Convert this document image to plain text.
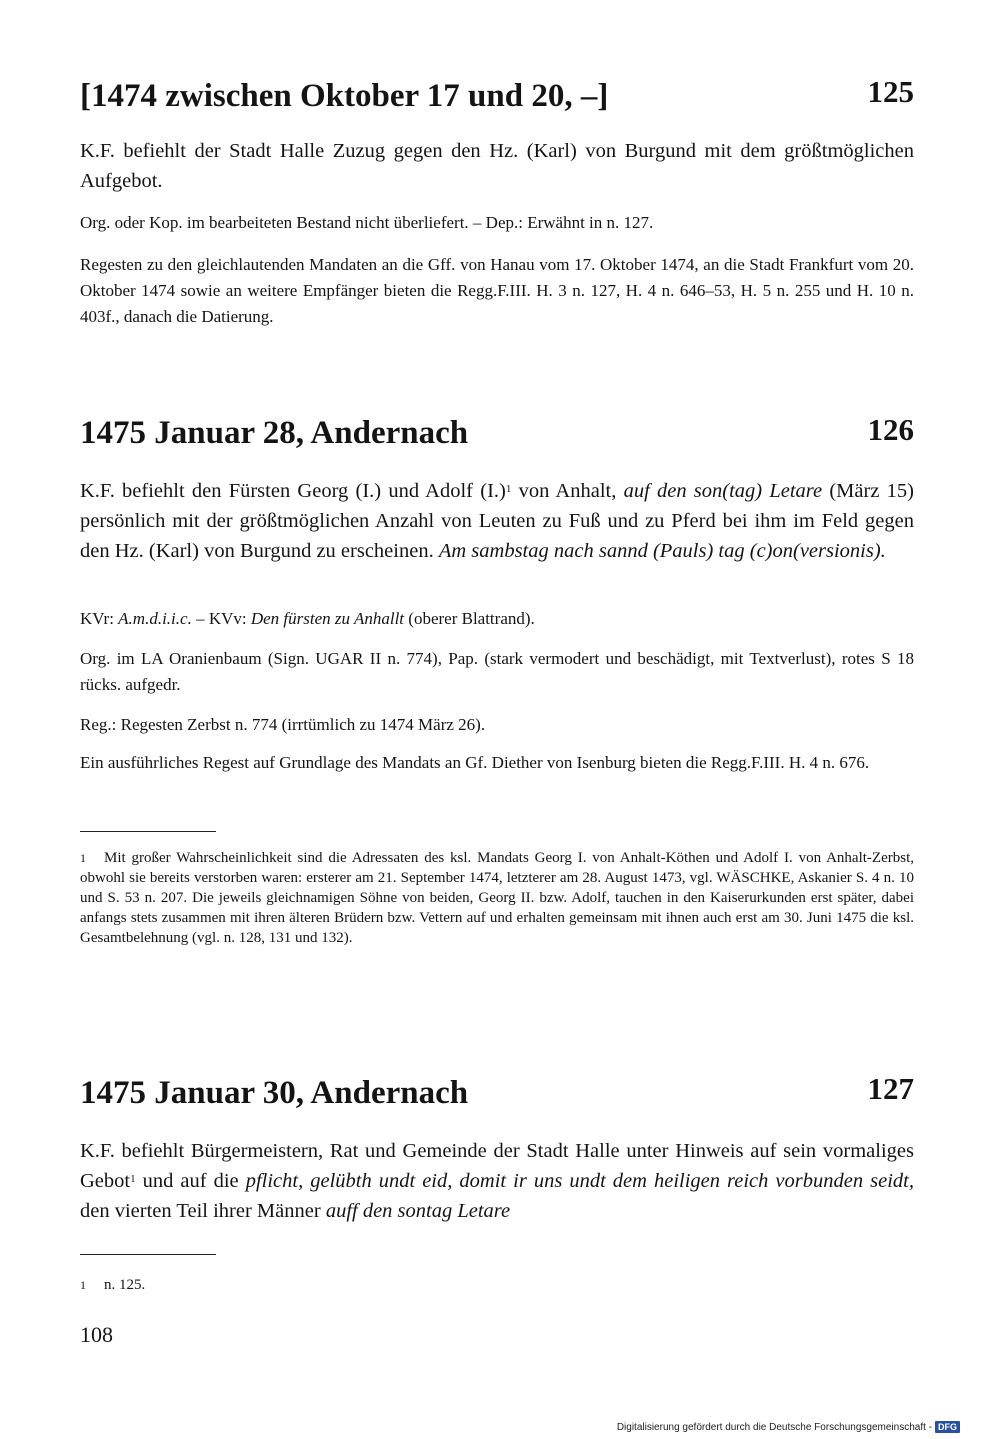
[1474 zwischen Oktober 17 und 20, –]	125

K.F. befiehlt der Stadt Halle Zuzug gegen den Hz. (Karl) von Burgund mit dem größtmöglichen Aufgebot.

Org. oder Kop. im bearbeiteten Bestand nicht überliefert. – Dep.: Erwähnt in n. 127.

Regesten zu den gleichlautenden Mandaten an die Gff. von Hanau vom 17. Oktober 1474, an die Stadt Frankfurt vom 20. Oktober 1474 sowie an weitere Empfänger bieten die Regg.F.III. H. 3 n. 127, H. 4 n. 646–53, H. 5 n. 255 und H. 10 n. 403f., danach die Datierung.

1475 Januar 28, Andernach	126

K.F. befiehlt den Fürsten Georg (I.) und Adolf $(I.)^1$ von Anhalt, auf den son(tag) Letare (März 15) persönlich mit der größtmöglichen Anzahl von Leuten zu Fuß und zu Pferd bei ihm im Feld gegen den Hz. (Karl) von Burgund zu erscheinen. Am sambstag nach sannd (Pauls) tag (c)on(versionis).

KVr: A.m.d.i.i.c. – KVv: Den fürsten zu Anhallt (oberer Blattrand).

Org. im LA Oranienbaum (Sign. UGAR II n. 774), Pap. (stark vermodert und beschädigt, mit Textverlust), rotes S 18 rücks. aufgedr.

Reg.: Regesten Zerbst n. 774 (irrtümlich zu 1474 März 26).

Ein ausführliches Regest auf Grundlage des Mandats an Gf. Diether von Isenburg bieten die Regg.F.III. H. 4 n. 676.

1 Mit großer Wahrscheinlichkeit sind die Adressaten des ksl. Mandats Georg I. von Anhalt-Köthen und Adolf I. von Anhalt-Zerbst, obwohl sie bereits verstorben waren: ersterer am 21. September 1474, letzterer am 28. August 1473, vgl. WÄSCHKE, Askanier S. 4 n. 10 und S. 53 n. 207. Die jeweils gleichnamigen Söhne von beiden, Georg II. bzw. Adolf, tauchen in den Kaiserurkunden erst später, dabei anfangs stets zusammen mit ihren älteren Brüdern bzw. Vettern auf und erhalten gemeinsam mit ihnen auch erst am 30. Juni 1475 die ksl. Gesamtbelehnung (vgl. n. 128, 131 und 132).

1475 Januar 30, Andernach	127

K.F. befiehlt Bürgermeistern, Rat und Gemeinde der Stadt Halle unter Hinweis auf sein vormaliges Gebot$^1$ und auf die pflicht, gelübth undt eid, domit ir uns undt dem heiligen reich vorbunden seidt, den vierten Teil ihrer Männer auff den sontag Letare

1 n. 125.

108
Digitalisierung gefördert durch die Deutsche Forschungsgemeinschaft - DFG
